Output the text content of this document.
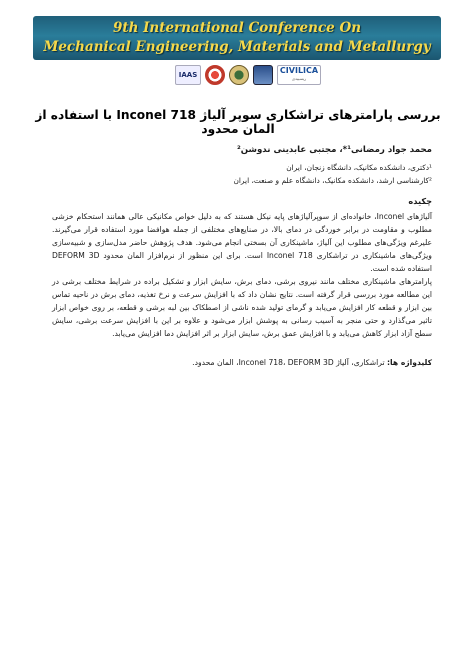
9th International Conference On
Mechanical Engineering, Materials and Metallurgy
IAAS	CIVILICA
ریسییدی
بررسی پارامترهای تراشکاری سوپر آلیاژ Inconel 718 با استفاده از المان محدود
محمد جواد رمضانی¹*، مجتبی عابدینی ندوشن²
¹دکتری، دانشکده مکانیک، دانشگاه زنجان، ایران
²کارشناسی ارشد، دانشکده مکانیک، دانشگاه علم و صنعت، ایران
چکیده

آلیاژهای Inconel، خانواده‌ای از سوپرآلیاژهای پایه نیکل هستند که به دلیل خواص مکانیکی عالی همانند استحکام خزشی مطلوب و مقاومت در برابر خوردگی در دمای بالا، در صنایع‌های مختلفی از جمله هوافضا مورد استفاده قرار می‌گیرند. علیرغم ویژگی‌های مطلوب این آلیاژ، ماشینکاری آن بسختی انجام می‌شود. هدف پژوهش حاضر مدل‌سازی و شبیه‌سازی ویژگی‌های ماشینکاری در تراشکاری Inconel 718 است. برای این منظور از نرم‌افزار المان محدود DEFORM 3D استفاده شده است.

پارامترهای ماشینکاری مختلف مانند نیروی برشی، دمای برش، سایش ابزار و تشکیل براده در شرایط مختلف برشی در این مطالعه مورد بررسی قرار گرفته است. نتایج نشان داد که با افزایش سرعت و نرخ تغذیه، دمای برش در ناحیه تماس بین ابزار و قطعه کار افزایش می‌یابد و گرمای تولید شده ناشی از اصطکاک بین لبه برشی و قطعه، بر روی خواص ابزار تاثیر می‌گذارد و حتی منجر به آسیب رسانی به پوشش ابزار می‌شود و علاوه بر این با افزایش سرعت برشی، سایش سطح آزاد ابزار کاهش می‌یابد و با افزایش عمق برش، سایش ابزار بر اثر افزایش دما افزایش می‌یابد.

کلیدواژه ها: تراشکاری، آلیاژ Inconel 718، DEFORM 3D، المان محدود.
